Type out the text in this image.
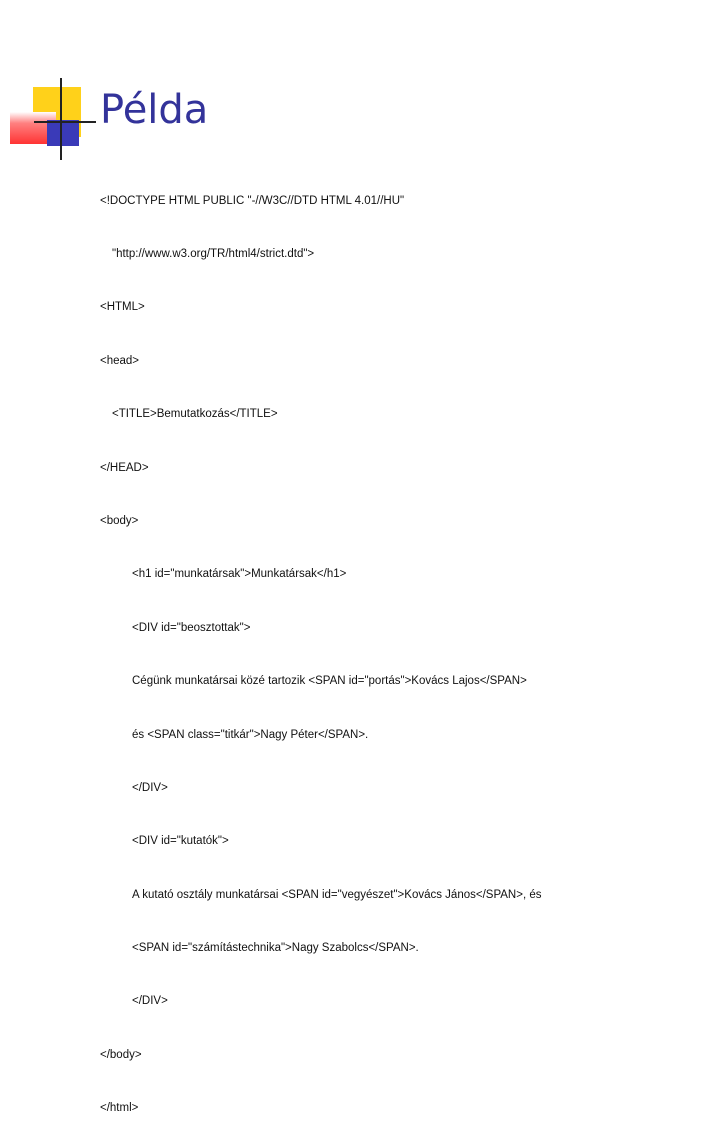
Példa

<!DOCTYPE HTML PUBLIC "-//W3C//DTD HTML 4.01//HU"

"http://www.w3.org/TR/html4/strict.dtd">

<HTML>

<head>

<TITLE>Bemutatkozás</TITLE>

</HEAD>

<body>

<h1 id="munkatársak">Munkatársak</h1>

<DIV id="beosztottak">

Cégünk munkatársai közé tartozik <SPAN id="portás">Kovács Lajos</SPAN>

és <SPAN class="titkár">Nagy Péter</SPAN>.

</DIV>

<DIV id="kutatók">

A kutató osztály munkatársai <SPAN id="vegyészet">Kovács János</SPAN>, és

<SPAN id="számítástechnika">Nagy Szabolcs</SPAN>.

</DIV>

</body>

</html>
